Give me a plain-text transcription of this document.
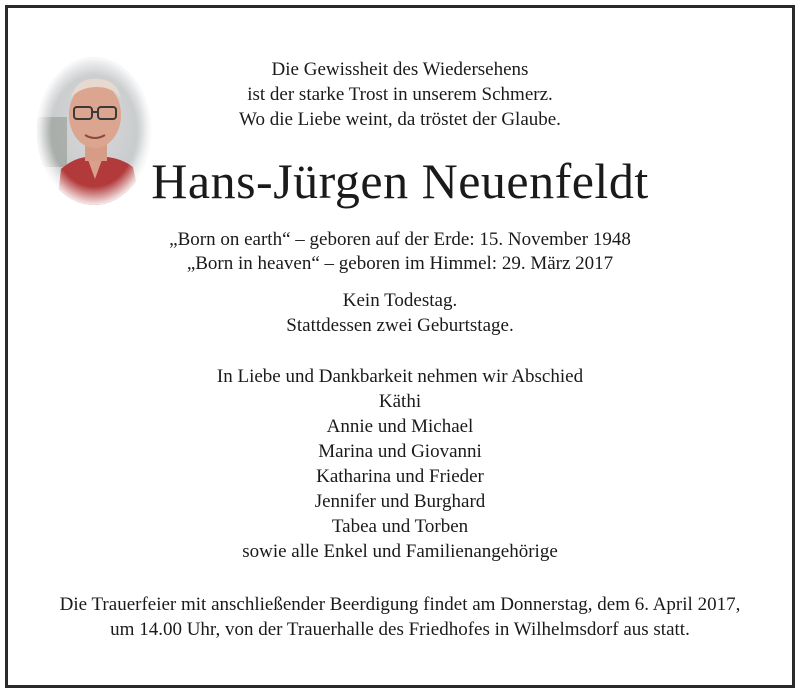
Die Gewissheit des Wiedersehens
ist der starke Trost in unserem Schmerz.
Wo die Liebe weint, da tröstet der Glaube.
Hans-Jürgen Neuenfeldt
„Born on earth“ – geboren auf der Erde: 15. November 1948
„Born in heaven“ – geboren im Himmel: 29. März 2017
Kein Todestag.
Stattdessen zwei Geburtstage.
In Liebe und Dankbarkeit nehmen wir Abschied
Käthi
Annie und Michael
Marina und Giovanni
Katharina und Frieder
Jennifer und Burghard
Tabea und Torben
sowie alle Enkel und Familienangehörige
Die Trauerfeier mit anschließender Beerdigung findet am Donnerstag, dem 6. April 2017,
um 14.00 Uhr, von der Trauerhalle des Friedhofes in Wilhelmsdorf aus statt.
